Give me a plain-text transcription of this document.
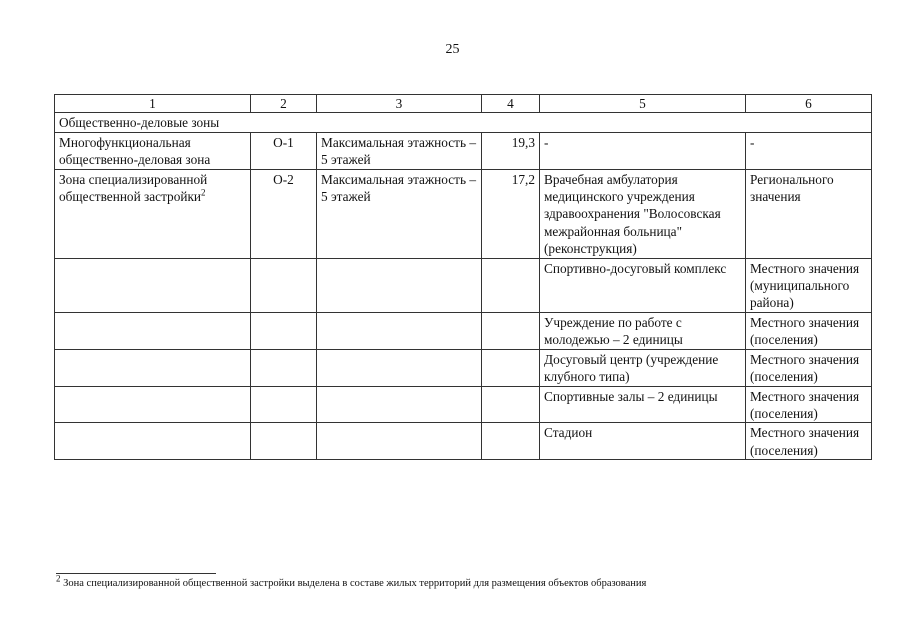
25
1	2	3	4	5	6
Общественно-деловые зоны					
Многофункциональная общественно-деловая зона	О-1	Максимальная этажность – 5 этажей	19,3	-	-
Зона специализированной общественной застройки$^2$	О-2	Максимальная этажность – 5 этажей	17,2	Врачебная амбулатория медицинского учреждения здравоохранения "Волосовская межрайонная больница" (реконструкция)	Регионального значения
				Спортивно-досуговый комплекс	Местного значения (муниципального района)
				Учреждение по работе с молодежью – 2 единицы	Местного значения (поселения)
				Досуговый центр (учреждение клубного типа)	Местного значения (поселения)
				Спортивные залы – 2 единицы	Местного значения (поселения)
				Стадион	Местного значения (поселения)
$^2$ Зона специализированной общественной застройки выделена в составе жилых территорий для размещения объектов образования
